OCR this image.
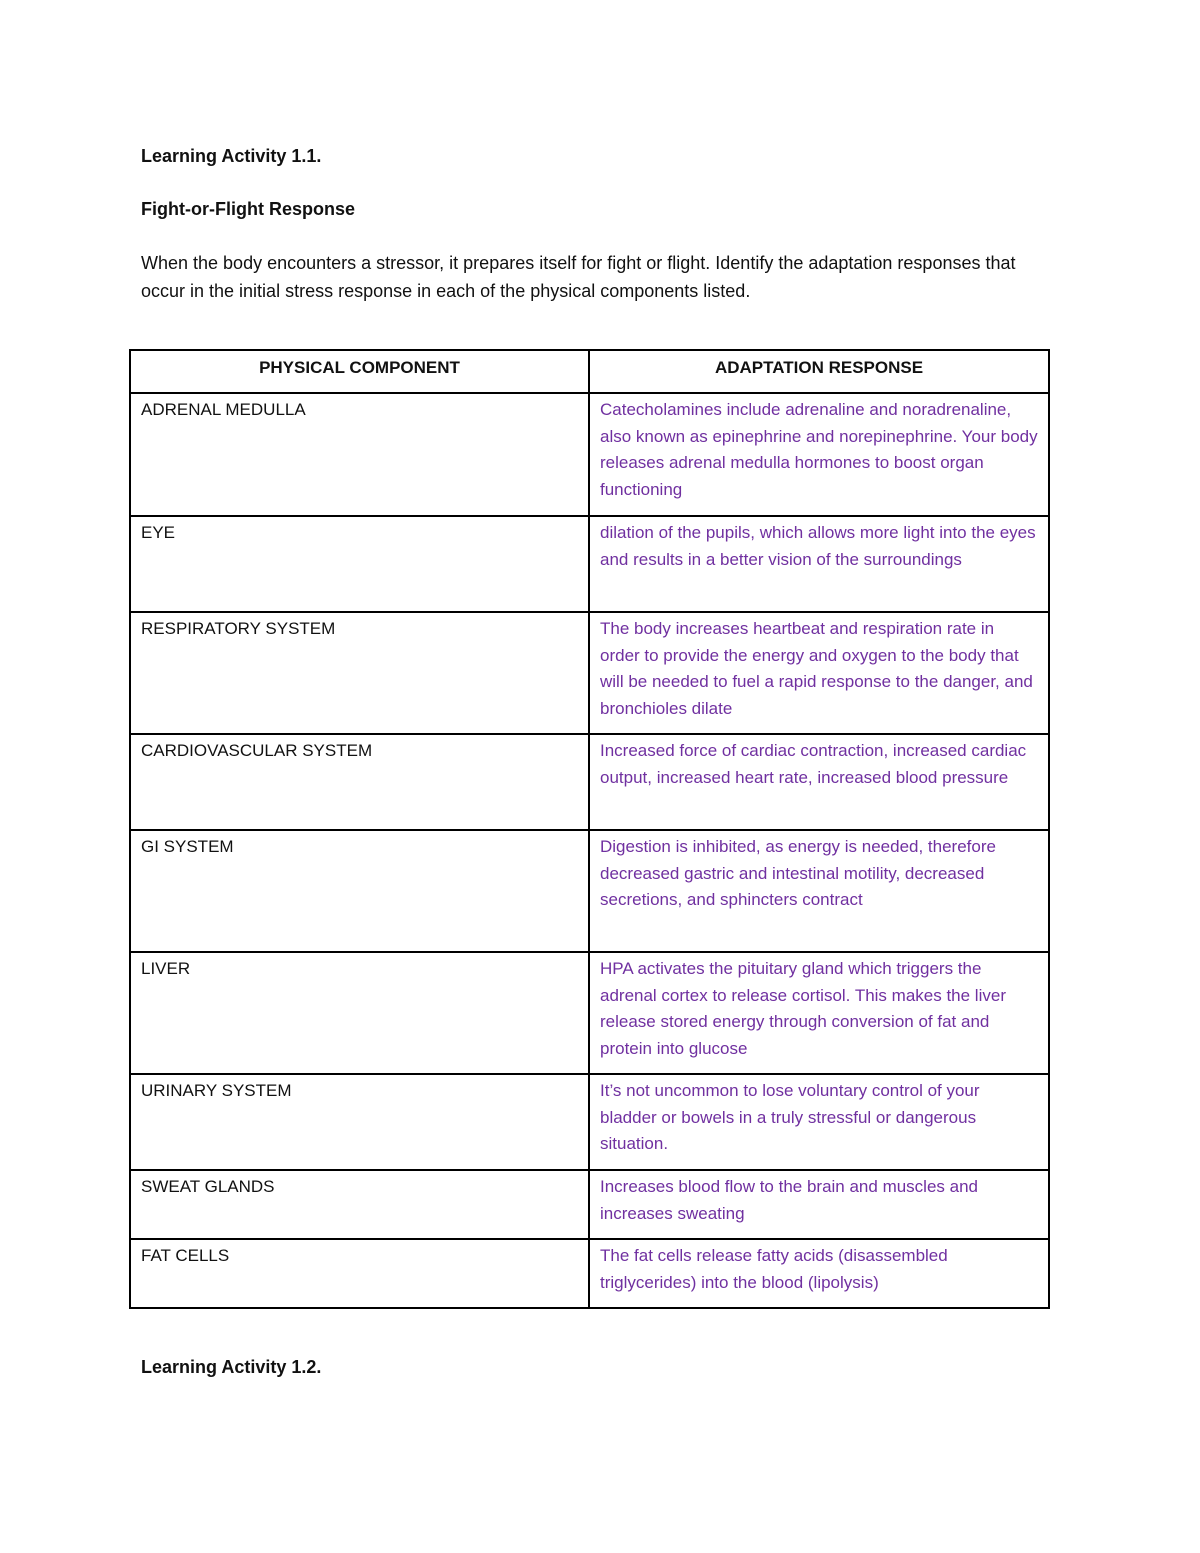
Learning Activity 1.1.

Fight-or-Flight Response

When the body encounters a stressor, it prepares itself for fight or flight. Identify the adaptation responses that occur in the initial stress response in each of the physical components listed.

PHYSICAL COMPONENT	ADAPTATION RESPONSE
ADRENAL MEDULLA	Catecholamines include adrenaline and noradrenaline, also known as epinephrine and norepinephrine. Your body releases adrenal medulla hormones to boost organ functioning
EYE	dilation of the pupils, which allows more light into the eyes and results in a better vision of the surroundings
RESPIRATORY SYSTEM	The body increases heartbeat and respiration rate in order to provide the energy and oxygen to the body that will be needed to fuel a rapid response to the danger, and bronchioles dilate
CARDIOVASCULAR SYSTEM	Increased force of cardiac contraction, increased cardiac output, increased heart rate, increased blood pressure
GI SYSTEM	Digestion is inhibited, as energy is needed, therefore decreased gastric and intestinal motility, decreased secretions, and sphincters contract
LIVER	HPA activates the pituitary gland which triggers the adrenal cortex to release cortisol. This makes the liver release stored energy through conversion of fat and protein into glucose
URINARY SYSTEM	It’s not uncommon to lose voluntary control of your bladder or bowels in a truly stressful or dangerous situation.
SWEAT GLANDS	Increases blood flow to the brain and muscles and increases sweating
FAT CELLS	The fat cells release fatty acids (disassembled triglycerides) into the blood (lipolysis)

Learning Activity 1.2.
